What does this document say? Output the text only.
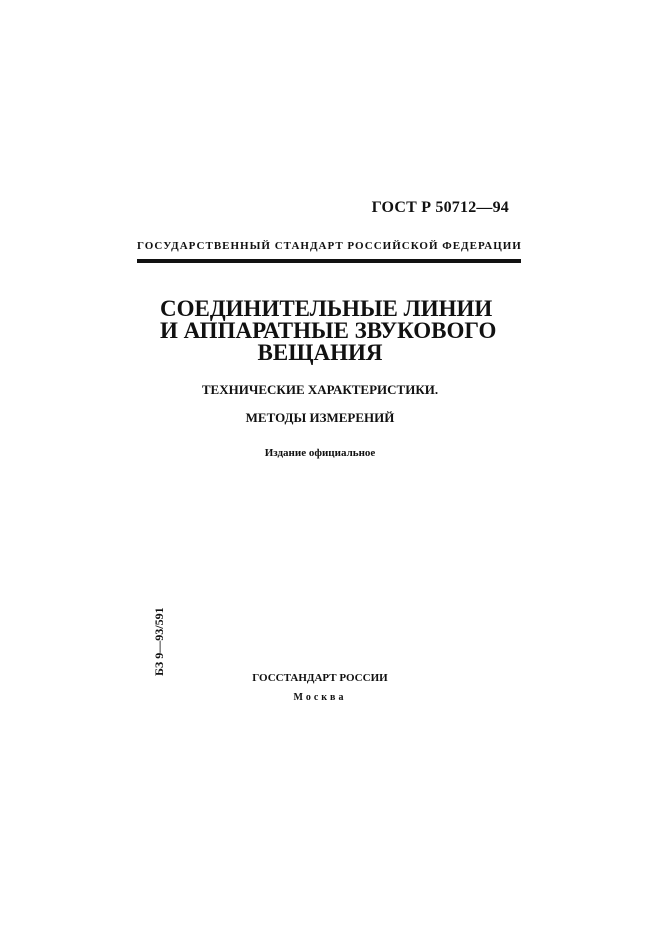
ГОСТ Р 50712—94
ГОСУДАРСТВЕННЫЙ СТАНДАРТ РОССИЙСКОЙ ФЕДЕРАЦИИ
СОЕДИНИТЕЛЬНЫЕ ЛИНИИ
И АППАРАТНЫЕ ЗВУКОВОГО
ВЕЩАНИЯ
ТЕХНИЧЕСКИЕ ХАРАКТЕРИСТИКИ.
МЕТОДЫ ИЗМЕРЕНИЙ
Издание официальное
БЗ 9—93/591
ГОССТАНДАРТ РОССИИ
Москва
